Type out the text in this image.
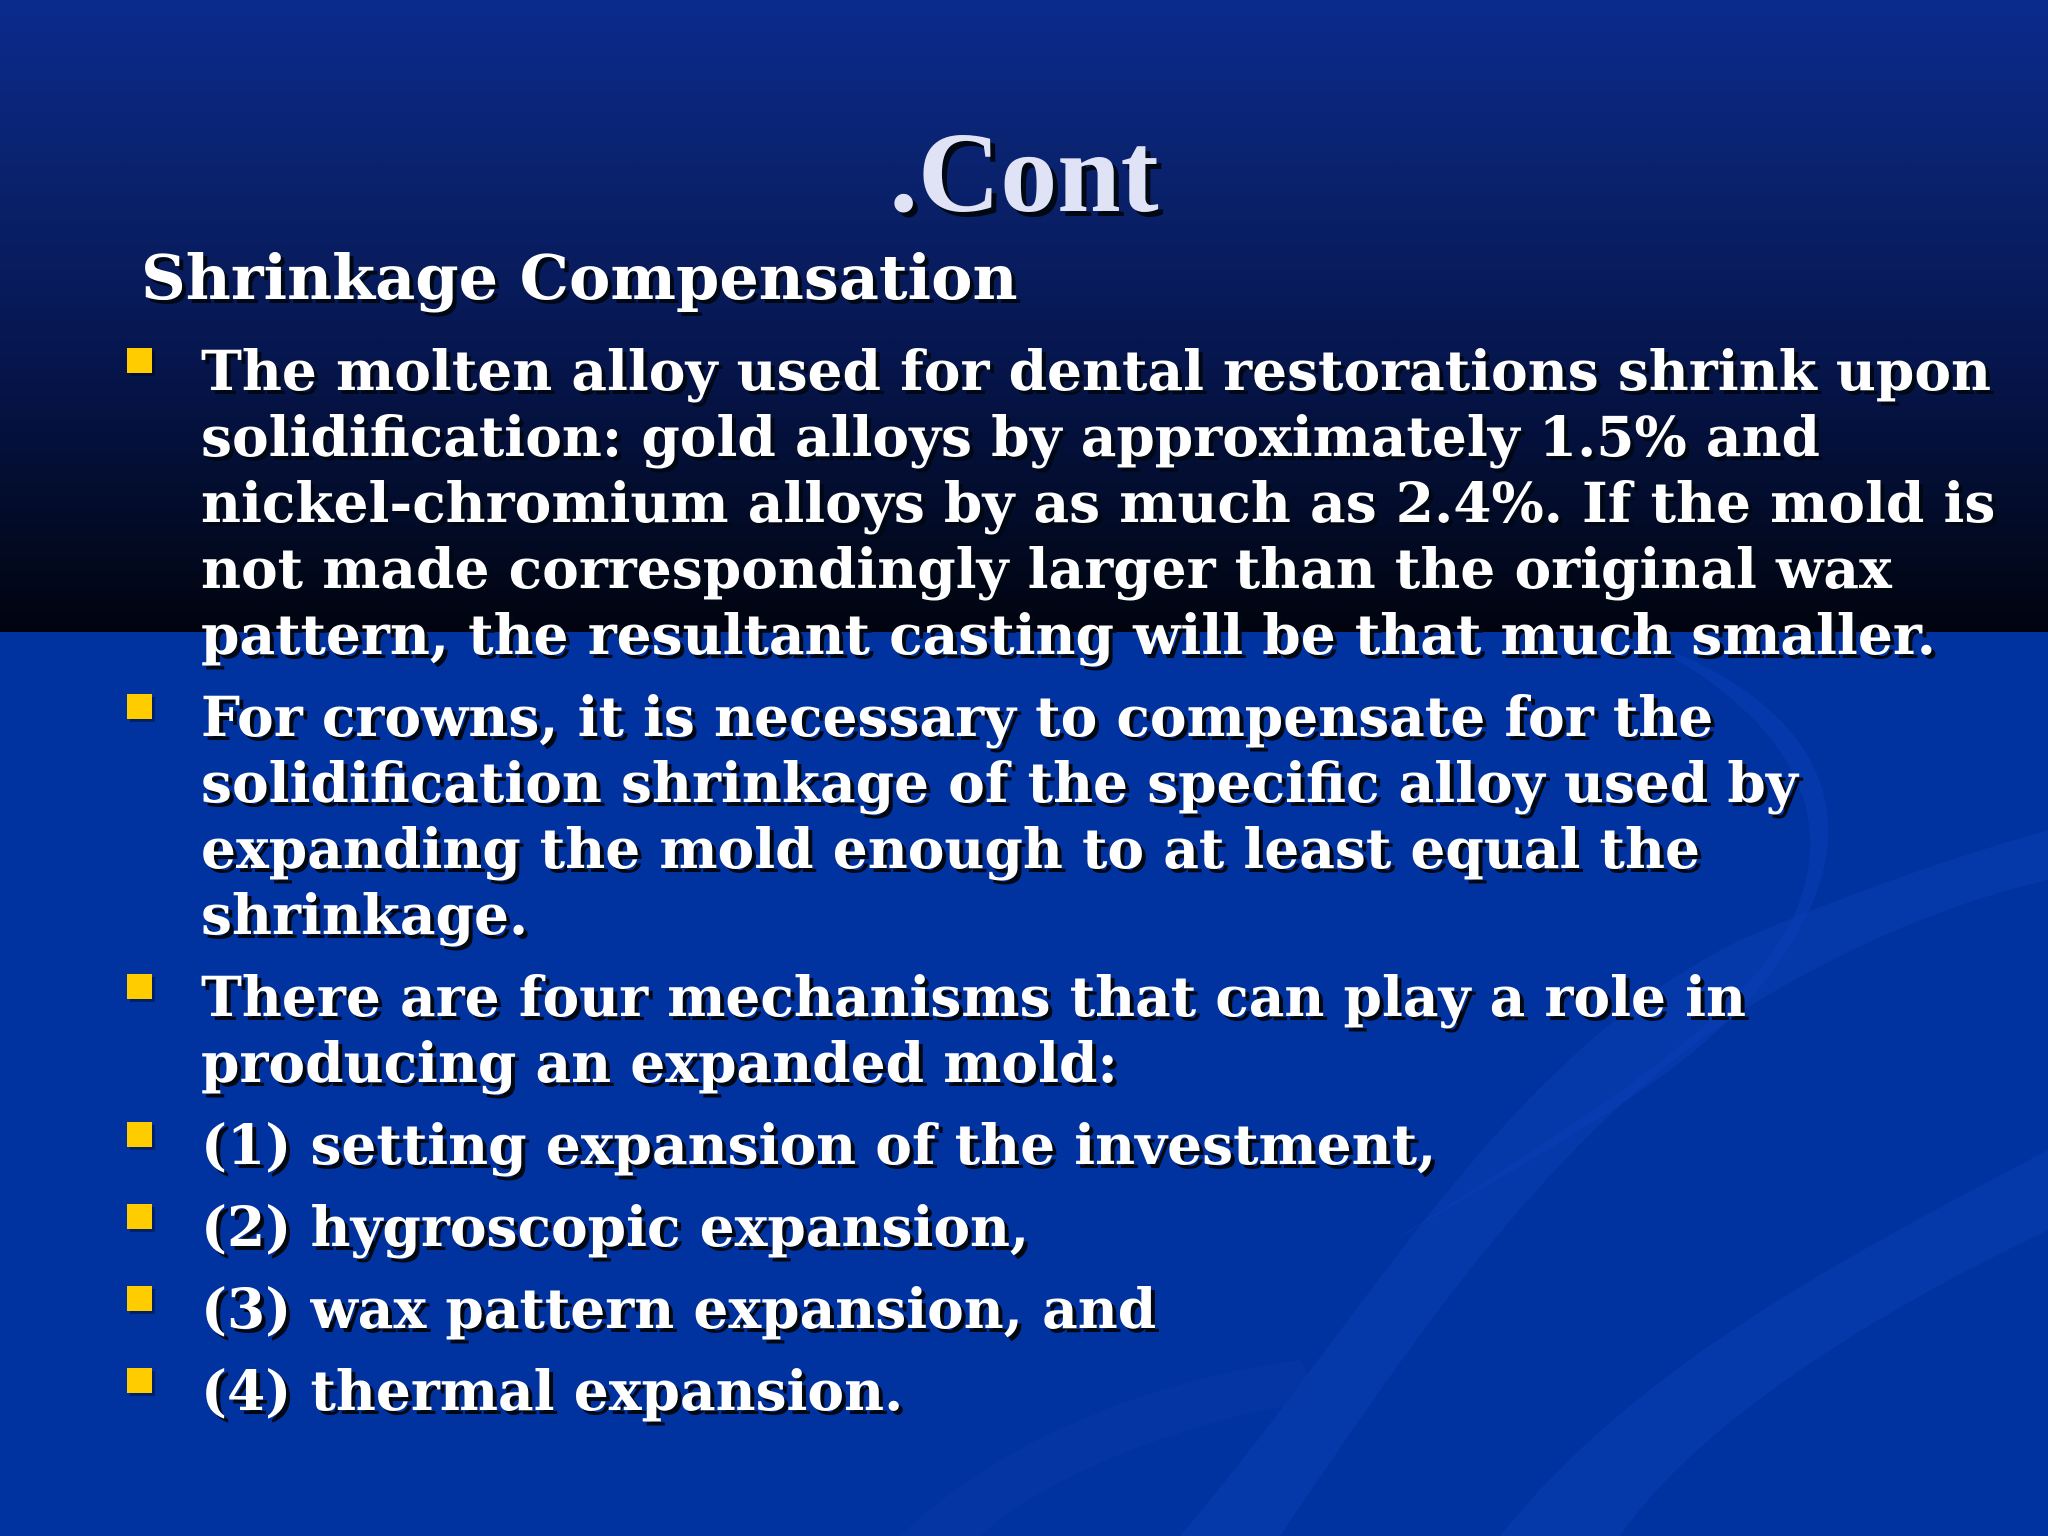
.Cont
Shrinkage Compensation
The molten alloy used for dental restorations shrink upon
solidification: gold alloys by approximately 1.5% and
nickel-chromium alloys by as much as 2.4%. If the mold is
not made correspondingly larger than the original wax
pattern, the resultant casting will be that much smaller.
For crowns, it is necessary to compensate for the
solidification shrinkage of the specific alloy used by
expanding the mold enough to at least equal the shrinkage.
There are four mechanisms that can play a role in
producing an expanded mold:
(1) setting expansion of the investment,
(2) hygroscopic expansion,
(3) wax pattern expansion, and
(4) thermal expansion.
